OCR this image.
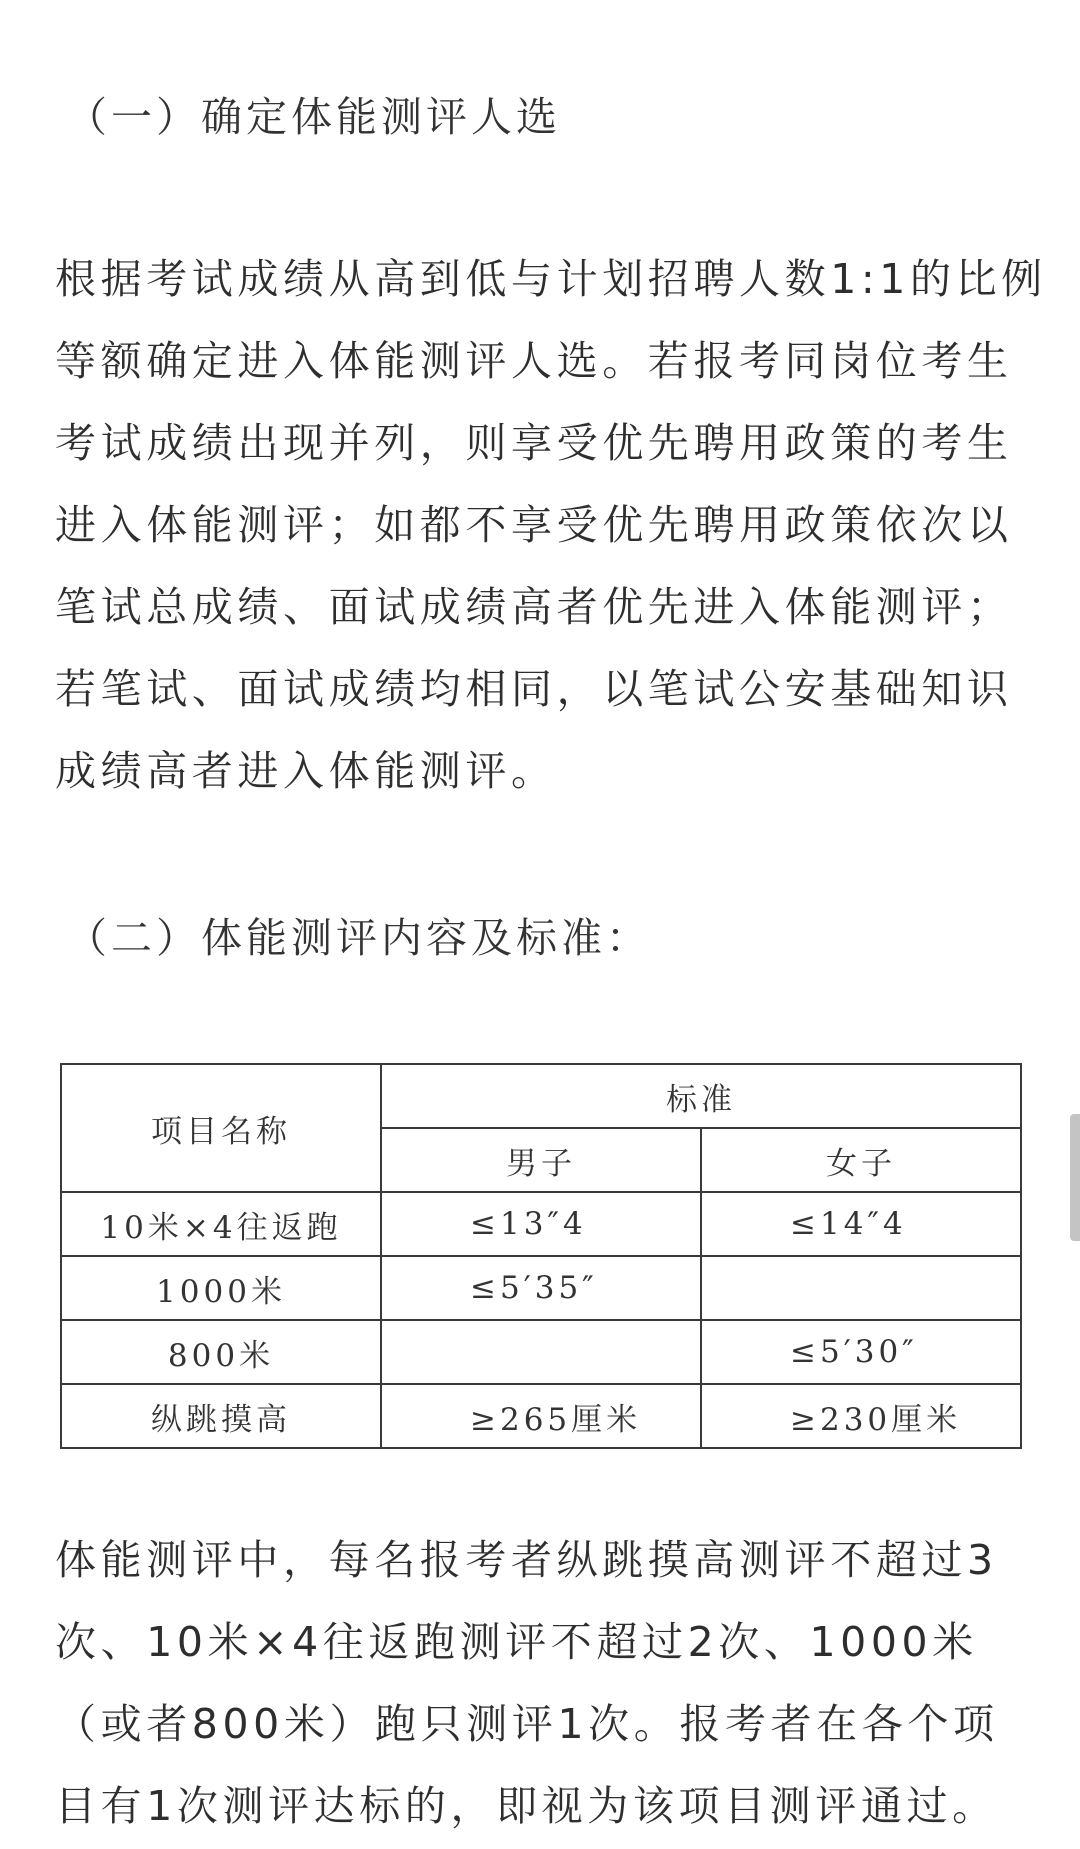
（一）确定体能测评人选
根据考试成绩从高到低与计划招聘人数1:1的比例
等额确定进入体能测评人选。若报考同岗位考生
考试成绩出现并列，则享受优先聘用政策的考生
进入体能测评；如都不享受优先聘用政策依次以
笔试总成绩、面试成绩高者优先进入体能测评；
若笔试、面试成绩均相同，以笔试公安基础知识
成绩高者进入体能测评。
（二）体能测评内容及标准：
项目名称	标准	
	男子	女子
10米×4往返跑	≤13″4	≤14″4
1000米	≤5′35″	
800米		≤5′30″
纵跳摸高	≥265厘米	≥230厘米
体能测评中，每名报考者纵跳摸高测评不超过3
次、10米×4往返跑测评不超过2次、1000米
（或者800米）跑只测评1次。报考者在各个项
目有1次测评达标的，即视为该项目测评通过。
